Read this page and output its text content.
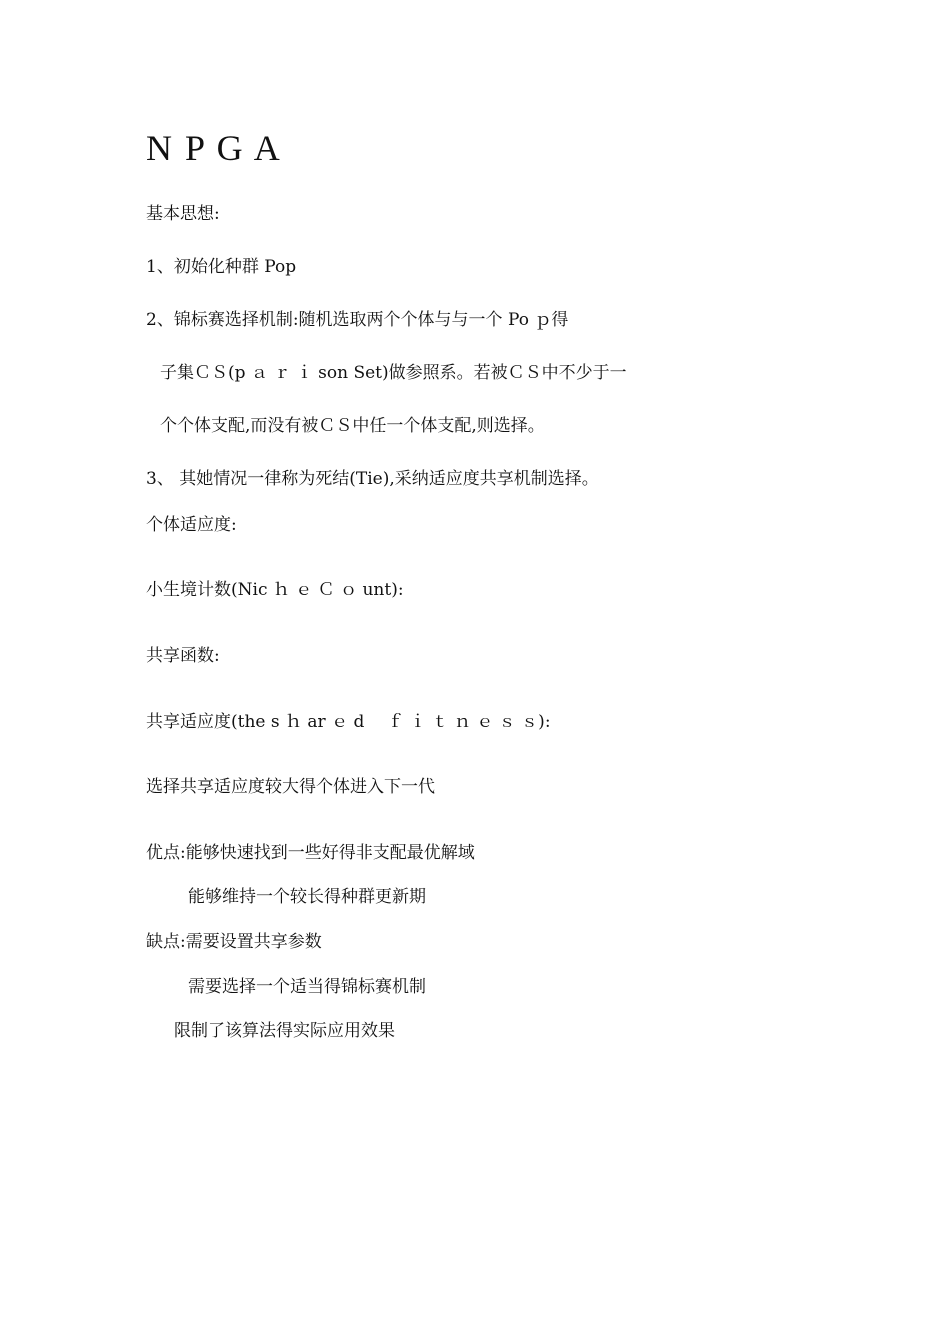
N P G A
基本思想:
1、初始化种群 Pop
2、锦标赛选择机制:随机选取两个个体与与一个 Po ｐ得
子集ＣＳ(p ａ ｒ ｉ son Set)做参照系。若被ＣＳ中不少于一
个个体支配,而没有被ＣＳ中任一个体支配,则选择。
3、 其她情况一律称为死结(Tie),采纳适应度共享机制选择。
个体适应度:
小生境计数(Nic ｈ ｅ Ｃ ｏ unt):
共享函数:
共享适应度(the s ｈ ar ｅ d　 ｆ ｉ ｔ ｎ ｅ ｓ ｓ):
选择共享适应度较大得个体进入下一代
优点:能够快速找到一些好得非支配最优解域
能够维持一个较长得种群更新期
缺点:需要设置共享参数
需要选择一个适当得锦标赛机制
限制了该算法得实际应用效果
